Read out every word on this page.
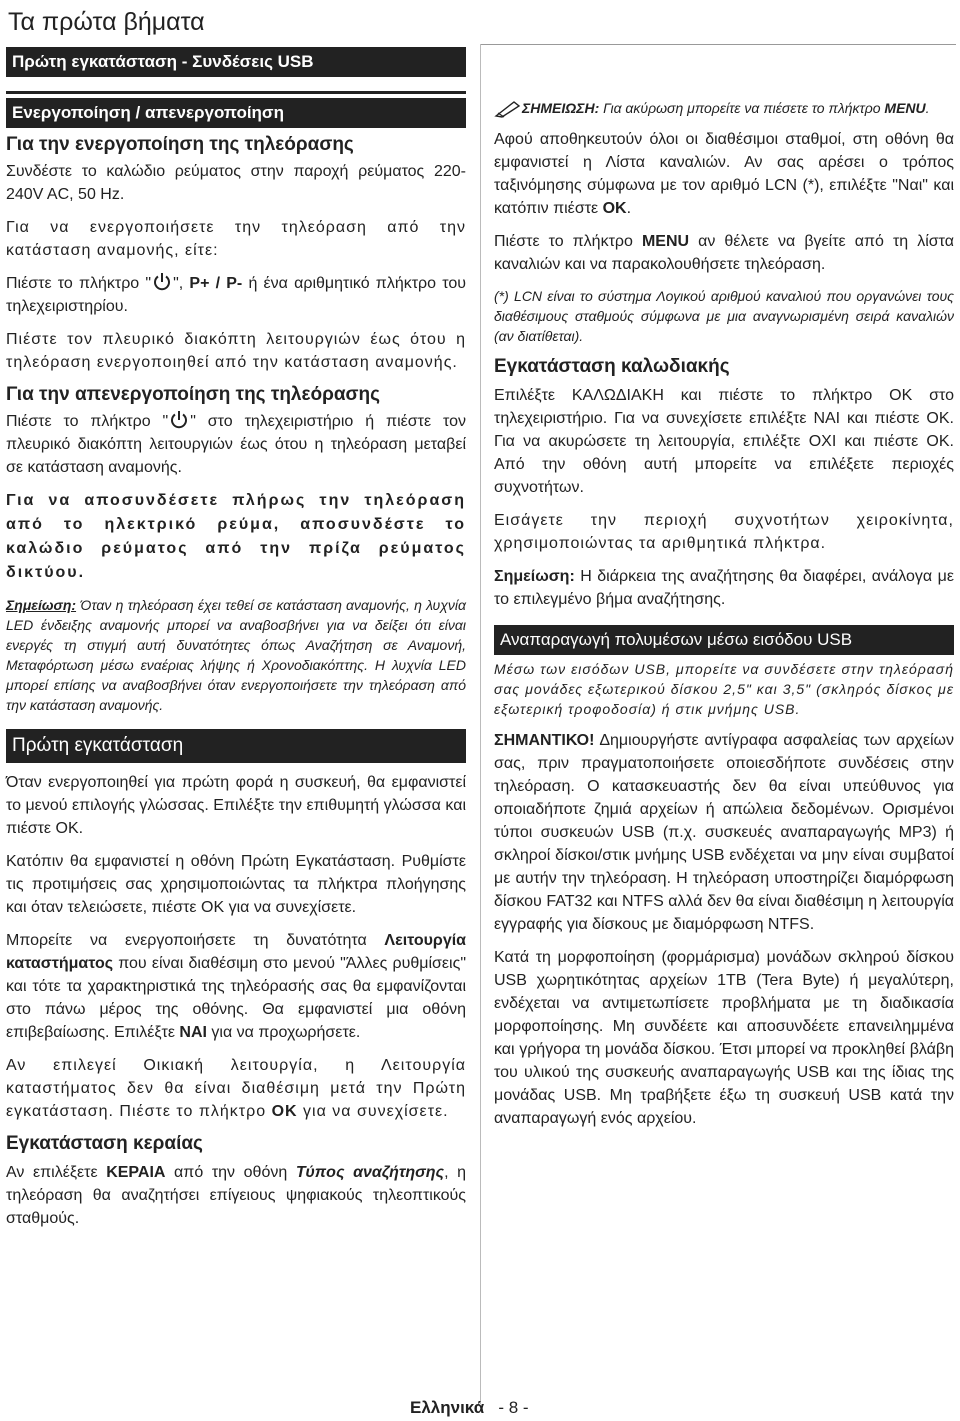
Τα πρώτα βήματα
Πρώτη εγκατάσταση - Συνδέσεις USB
Ενεργοποίηση / απενεργοποίηση
Για την ενεργοποίηση της τηλεόρασης

Συνδέστε το καλώδιο ρεύματος στην παροχή ρεύματος 220-240V AC, 50 Hz.

Για να ενεργοποιήσετε την τηλεόραση από την κατάσταση αναμονής, είτε:

Πιέστε το πλήκτρο " ", P+ / P- ή ένα αριθμητικό πλήκτρο του τηλεχειριστηρίου.

Πιέστε τον πλευρικό διακόπτη λειτουργιών έως ότου η τηλεόραση ενεργοποιηθεί από την κατάσταση αναμονής.

Για την απενεργοποίηση της τηλεόρασης

Πιέστε το πλήκτρο " " στο τηλεχειριστήριο ή πιέστε τον πλευρικό διακόπτη λειτουργιών έως ότου η τηλεόραση μεταβεί σε κατάσταση αναμονής.

Για να αποσυνδέσετε πλήρως την τηλεόραση από το ηλεκτρικό ρεύμα, αποσυνδέστε το καλώδιο ρεύματος από την πρίζα ρεύματος δικτύου.

Σημείωση: Όταν η τηλεόραση έχει τεθεί σε κατάσταση αναμονής, η λυχνία LED ένδειξης αναμονής μπορεί να αναβοσβήνει για να δείξει ότι είναι ενεργές τη στιγμή αυτή δυνατότητες όπως Αναζήτηση σε Αναμονή, Μεταφόρτωση μέσω εναέριας λήψης ή Χρονοδιακόπτης. Η λυχνία LED μπορεί επίσης να αναβοσβήνει όταν ενεργοποιήσετε την τηλεόραση από την κατάσταση αναμονής.

Πρώτη εγκατάσταση

Όταν ενεργοποιηθεί για πρώτη φορά η συσκευή, θα εμφανιστεί το μενού επιλογής γλώσσας. Επιλέξτε την επιθυμητή γλώσσα και πιέστε OK.

Κατόπιν θα εμφανιστεί η οθόνη Πρώτη Εγκατάσταση. Ρυθμίστε τις προτιμήσεις σας χρησιμοποιώντας τα πλήκτρα πλοήγησης και όταν τελειώσετε, πιέστε OK για να συνεχίσετε.

Μπορείτε να ενεργοποιήσετε τη δυνατότητα Λειτουργία καταστήματος που είναι διαθέσιμη στο μενού "Άλλες ρυθμίσεις" και τότε τα χαρακτηριστικά της τηλεόρασής σας θα εμφανίζονται στο πάνω μέρος της οθόνης. Θα εμφανιστεί μια οθόνη επιβεβαίωσης. Επιλέξτε ΝΑΙ για να προχωρήσετε.

Αν επιλεγεί Οικιακή λειτουργία, η Λειτουργία καταστήματος δεν θα είναι διαθέσιμη μετά την Πρώτη εγκατάσταση. Πιέστε το πλήκτρο OK για να συνεχίσετε.

Εγκατάσταση κεραίας

Αν επιλέξετε ΚΕΡΑΙΑ από την οθόνη Τύπος αναζήτησης, η τηλεόραση θα αναζητήσει επίγειους ψηφιακούς τηλεοπτικούς σταθμούς.

ΣΗΜΕΙΩΣΗ: Για ακύρωση μπορείτε να πιέσετε το πλήκτρο MENU.

Αφού αποθηκευτούν όλοι οι διαθέσιμοι σταθμοί, στη οθόνη θα εμφανιστεί η Λίστα καναλιών. Αν σας αρέσει ο τρόπος ταξινόμησης σύμφωνα με τον αριθμό LCN (*), επιλέξτε "Ναι" και κατόπιν πιέστε OK.

Πιέστε το πλήκτρο MENU αν θέλετε να βγείτε από τη λίστα καναλιών και να παρακολουθήσετε τηλεόραση.

(*) LCN είναι το σύστημα Λογικού αριθμού καναλιού που οργανώνει τους διαθέσιμους σταθμούς σύμφωνα με μια αναγνωρισμένη σειρά καναλιών (αν διατίθεται).

Εγκατάσταση καλωδιακής

Επιλέξτε ΚΑΛΩΔΙΑΚΗ και πιέστε το πλήκτρο OK στο τηλεχειριστήριο. Για να συνεχίσετε επιλέξτε ΝΑΙ και πιέστε OK. Για να ακυρώσετε τη λειτουργία, επιλέξτε ΟΧΙ και πιέστε OK. Από την οθόνη αυτή μπορείτε να επιλέξετε περιοχές συχνοτήτων.

Εισάγετε την περιοχή συχνοτήτων χειροκίνητα, χρησιμοποιώντας τα αριθμητικά πλήκτρα.

Σημείωση: Η διάρκεια της αναζήτησης θα διαφέρει, ανάλογα με το επιλεγμένο βήμα αναζήτησης.

Αναπαραγωγή πολυμέσων μέσω εισόδου USB

Μέσω των εισόδων USB, μπορείτε να συνδέσετε στην τηλεόρασή σας μονάδες εξωτερικού δίσκου 2,5" και 3,5" (σκληρός δίσκος με εξωτερική τροφοδοσία) ή στικ μνήμης USB.

ΣΗΜΑΝΤΙΚΟ! Δημιουργήστε αντίγραφα ασφαλείας των αρχείων σας, πριν πραγματοποιήσετε οποιεσδήποτε συνδέσεις στην τηλεόραση. Ο κατασκευαστής δεν θα είναι υπεύθυνος για οποιαδήποτε ζημιά αρχείων ή απώλεια δεδομένων. Ορισμένοι τύποι συσκευών USB (π.χ. συσκευές αναπαραγωγής MP3) ή σκληροί δίσκοι/στικ μνήμης USB ενδέχεται να μην είναι συμβατοί με αυτήν την τηλεόραση. Η τηλεόραση υποστηρίζει διαμόρφωση δίσκου FAT32 και NTFS αλλά δεν θα είναι διαθέσιμη η λειτουργία εγγραφής για δίσκους με διαμόρφωση NTFS.

Κατά τη μορφοποίηση (φορμάρισμα) μονάδων σκληρού δίσκου USB χωρητικότητας αρχείων 1TB (Tera Byte) ή μεγαλύτερη, ενδέχεται να αντιμετωπίσετε προβλήματα με τη διαδικασία μορφοποίησης. Μη συνδέετε και αποσυνδέετε επανειλημμένα και γρήγορα τη μονάδα δίσκου. Έτσι μπορεί να προκληθεί βλάβη του υλικού της συσκευής αναπαραγωγής USB και της ίδιας της μονάδας USB. Μη τραβήξετε έξω τη συσκευή USB κατά την αναπαραγωγή ενός αρχείου.

Ελληνικά - 8 -
